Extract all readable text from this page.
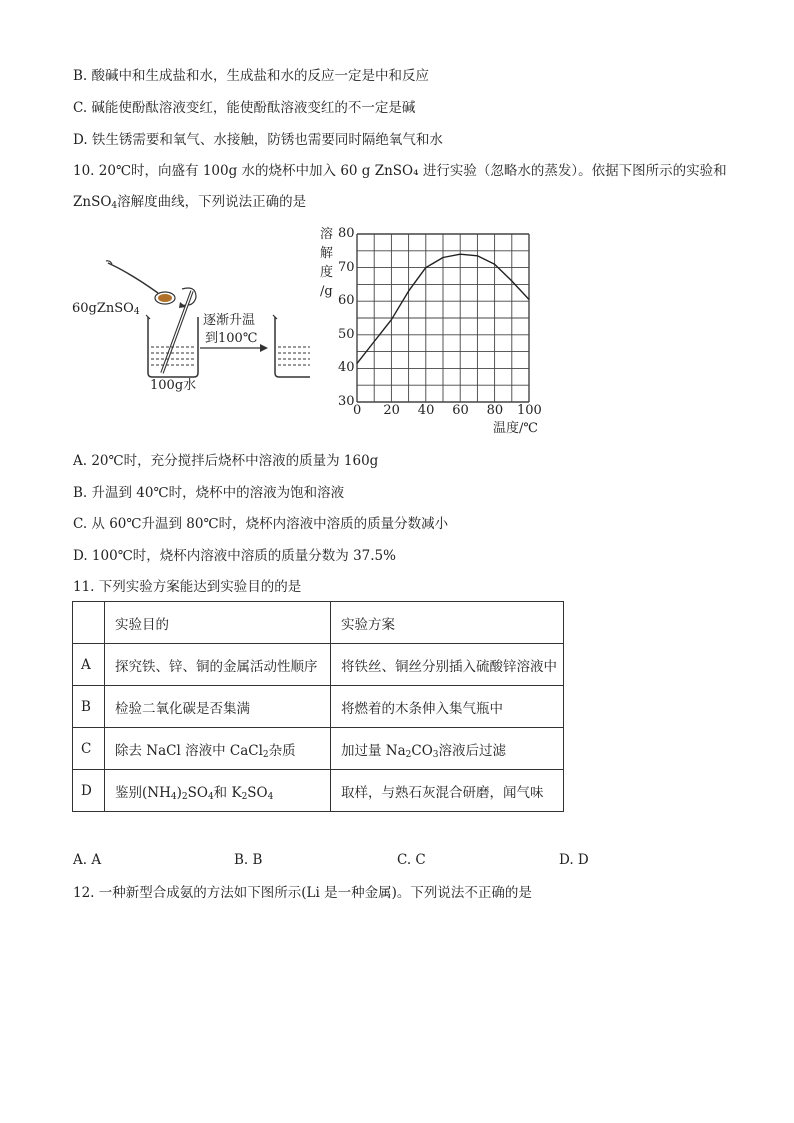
B. 酸碱中和生成盐和水，生成盐和水的反应一定是中和反应
C. 碱能使酚酞溶液变红，能使酚酞溶液变红的不一定是碱
D. 铁生锈需要和氧气、水接触，防锈也需要同时隔绝氧气和水
10. 20℃时，向盛有 100g 水的烧杯中加入 60 g ZnSO₄ 进行实验（忽略水的蒸发）。依据下图所示的实验和
ZnSO$_4$溶解度曲线，下列说法正确的是
60gZnSO$_4$
逐渐升温
到100℃
100g水
30
40
50
60
70
80
0 20 40 60 80 100
溶
解
度
/g
温度/℃
A. 20℃时，充分搅拌后烧杯中溶液的质量为 160g
B. 升温到 40℃时，烧杯中的溶液为饱和溶液
C. 从 60℃升温到 80℃时，烧杯内溶液中溶质的质量分数减小
D. 100℃时，烧杯内溶液中溶质的质量分数为 37.5%
11. 下列实验方案能达到实验目的的是
	实验目的	实验方案
A	探究铁、锌、铜的金属活动性顺序	将铁丝、铜丝分别插入硫酸锌溶液中
B	检验二氧化碳是否集满	将燃着的木条伸入集气瓶中
C	除去 NaCl 溶液中 CaCl$_2$杂质	加过量 $Na_2CO_3$溶液后过滤
D	鉴别$(NH_4)_2SO_4$和 $K_2SO_4$	取样，与熟石灰混合研磨，闻气味
A. A	B. B	C. C	D. D
12. 一种新型合成氨的方法如下图所示(Li 是一种金属)。下列说法不正确的是
